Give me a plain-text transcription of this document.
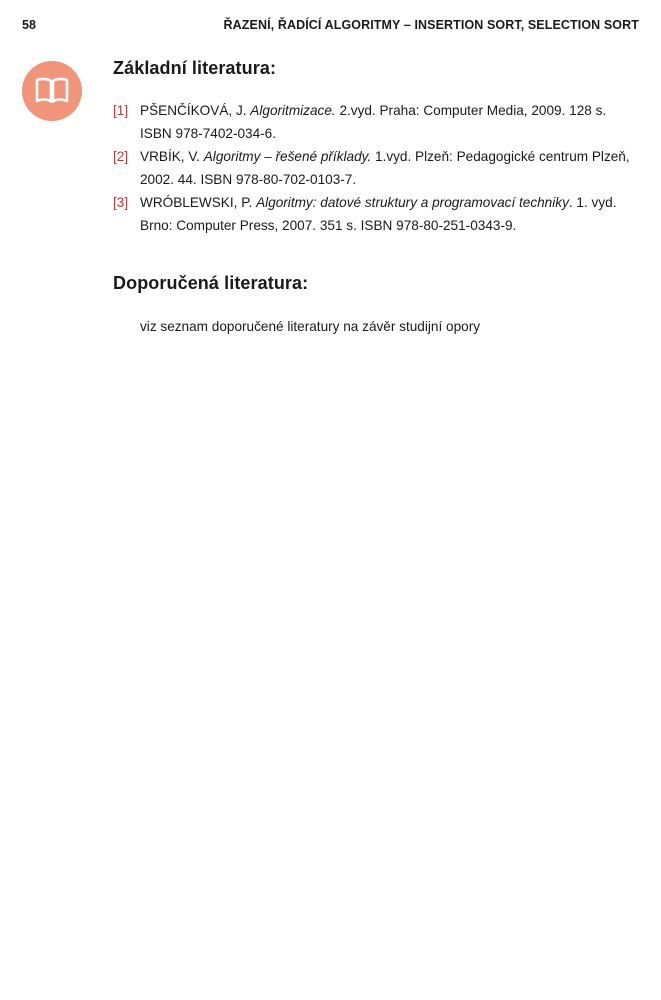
58	ŘAZENÍ, ŘADÍCÍ ALGORITMY – INSERTION SORT, SELECTION SORT
Základní literatura:
[1] PŠENČÍKOVÁ, J. Algoritmizace. 2.vyd. Praha: Computer Media, 2009. 128 s. ISBN 978-7402-034-6.
[2] VRBÍK, V. Algoritmy – řešené příklady. 1.vyd. Plzeň: Pedagogické centrum Plzeň, 2002. 44. ISBN 978-80-702-0103-7.
[3] WRÓBLEWSKI, P. Algoritmy: datové struktury a programovací techniky. 1. vyd. Brno: Computer Press, 2007. 351 s. ISBN 978-80-251-0343-9.
Doporučená literatura:
viz seznam doporučené literatury na závěr studijní opory
